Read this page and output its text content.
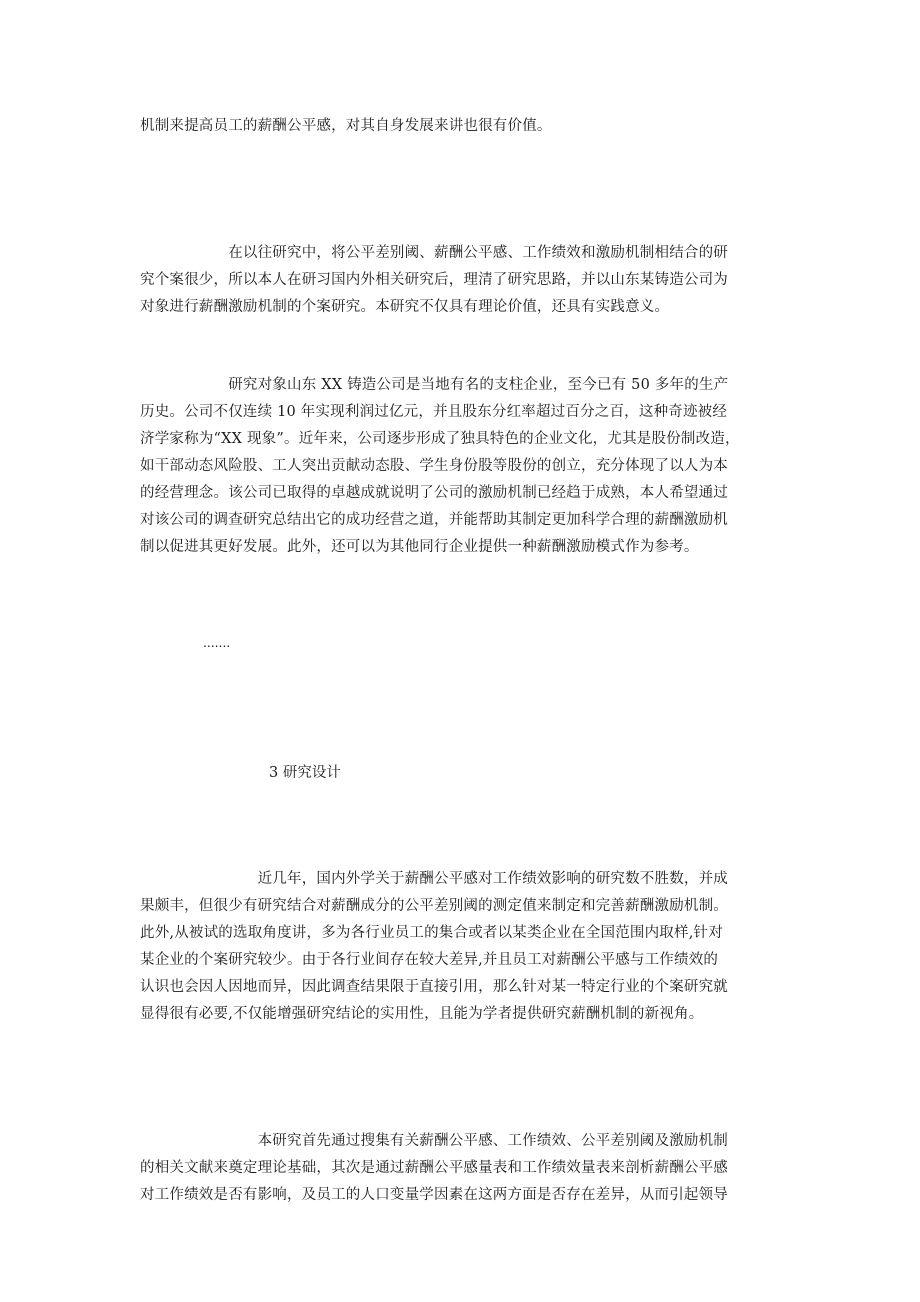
机制来提高员工的薪酬公平感，对其自身发展来讲也很有价值。
　　　　　　在以往研究中，将公平差别阈、薪酬公平感、工作绩效和激励机制相结合的研
究个案很少，所以本人在研习国内外相关研究后，理清了研究思路，并以山东某铸造公司为
对象进行薪酬激励机制的个案研究。本研究不仅具有理论价值，还具有实践意义。
　　　　　　研究对象山东 XX 铸造公司是当地有名的支柱企业，至今已有 50 多年的生产
历史。公司不仅连续 10 年实现利润过亿元，并且股东分红率超过百分之百，这种奇迹被经
济学家称为“XX 现象”。近年来，公司逐步形成了独具特色的企业文化，尤其是股份制改造，
如干部动态风险股、工人突出贡献动态股、学生身份股等股份的创立，充分体现了以人为本
的经营理念。该公司已取得的卓越成就说明了公司的激励机制已经趋于成熟，本人希望通过
对该公司的调查研究总结出它的成功经营之道，并能帮助其制定更加科学合理的薪酬激励机
制以促进其更好发展。此外，还可以为其他同行企业提供一种薪酬激励模式作为参考。
.......
3 研究设计
　　　　　　　　近几年，国内外学关于薪酬公平感对工作绩效影响的研究数不胜数，并成
果颇丰，但很少有研究结合对薪酬成分的公平差别阈的测定值来制定和完善薪酬激励机制。
此外,从被试的选取角度讲，多为各行业员工的集合或者以某类企业在全国范围内取样,针对
某企业的个案研究较少。由于各行业间存在较大差异,并且员工对薪酬公平感与工作绩效的
认识也会因人因地而异，因此调查结果限于直接引用，那么针对某一特定行业的个案研究就
显得很有必要,不仅能增强研究结论的实用性，且能为学者提供研究薪酬机制的新视角。
　　　　　　　　本研究首先通过搜集有关薪酬公平感、工作绩效、公平差别阈及激励机制
的相关文献来奠定理论基础，其次是通过薪酬公平感量表和工作绩效量表来剖析薪酬公平感
对工作绩效是否有影响，及员工的人口变量学因素在这两方面是否存在差异，从而引起领导
